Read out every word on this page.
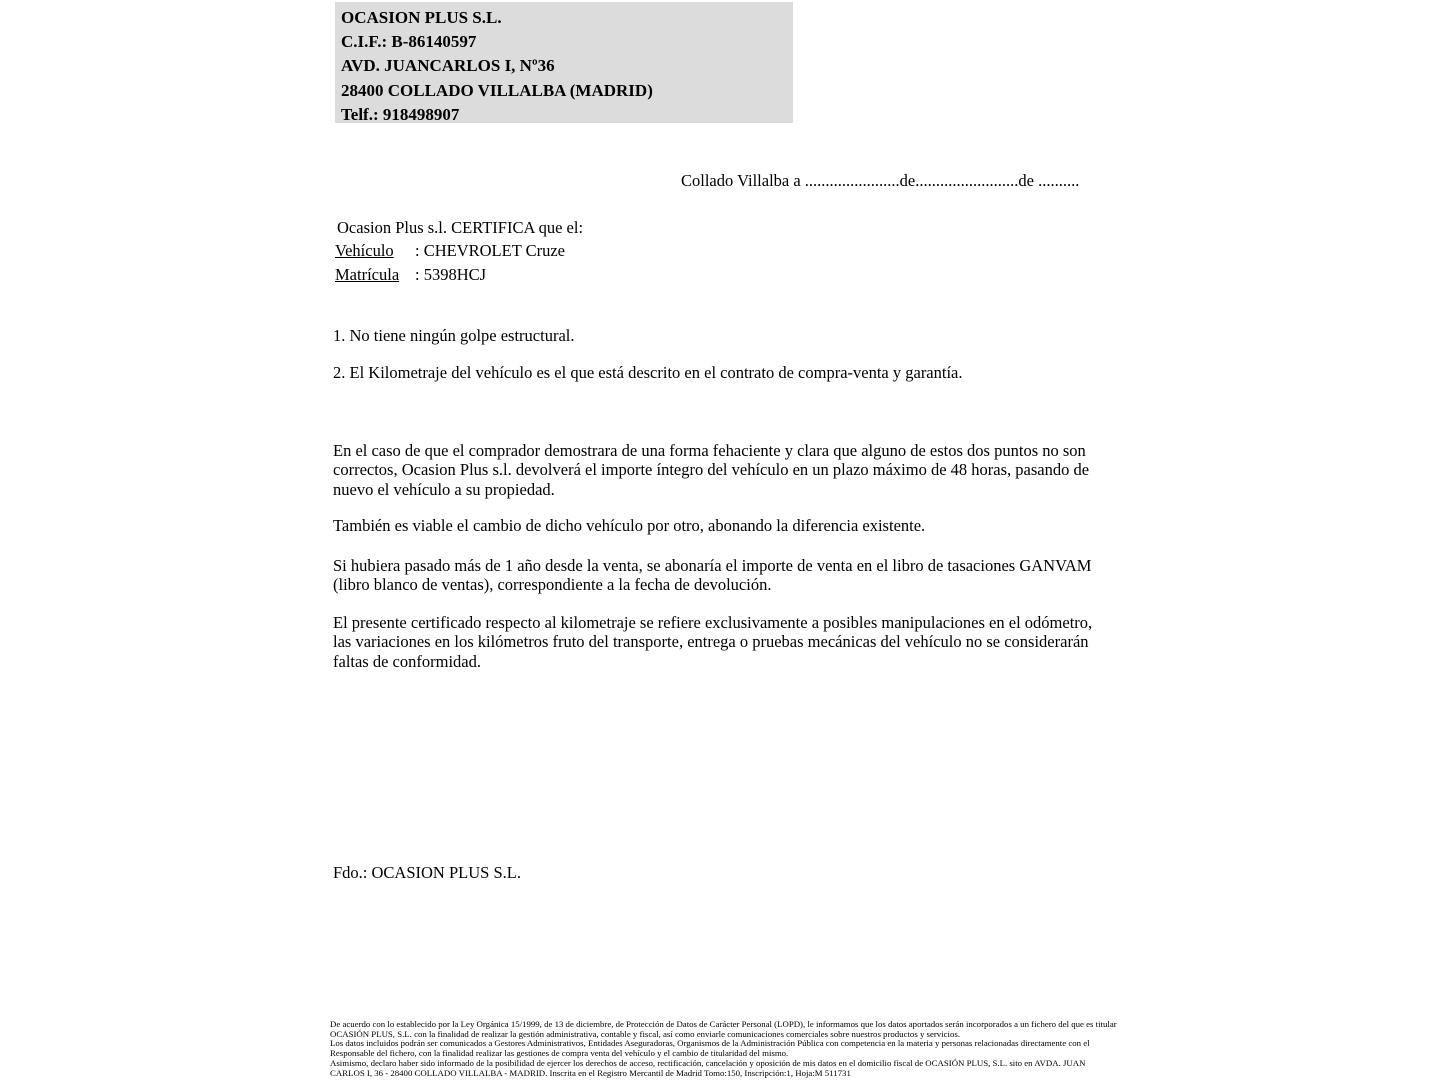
OCASION PLUS S.L.
C.I.F.: B-86140597
AVD. JUANCARLOS I, Nº36
28400 COLLADO VILLALBA (MADRID)
Telf.: 918498907
Collado Villalba a .......................de.........................de ..........
Ocasion Plus s.l. CERTIFICA que el:
Vehículo : CHEVROLET Cruze
Matrícula : 5398HCJ
1. No tiene ningún golpe estructural.
2. El Kilometraje del vehículo es el que está descrito en el contrato de compra-venta y garantía.
En el caso de que el comprador demostrara de una forma fehaciente y clara que alguno de estos dos puntos no son correctos, Ocasion Plus s.l. devolverá el importe íntegro del vehículo en un plazo máximo de 48 horas, pasando de nuevo el vehículo a su propiedad.
También es viable el cambio de dicho vehículo por otro, abonando la diferencia existente.
Si hubiera pasado más de 1 año desde la venta, se abonaría el importe de venta en el libro de tasaciones GANVAM (libro blanco de ventas), correspondiente a la fecha de devolución.
El presente certificado respecto al kilometraje se refiere exclusivamente a posibles manipulaciones en el odómetro, las variaciones en los kilómetros fruto del transporte, entrega o pruebas mecánicas del vehículo no se considerarán faltas de conformidad.
Fdo.: OCASION PLUS S.L.
De acuerdo con lo establecido por la Ley Orgánica 15/1999, de 13 de diciembre, de Protección de Datos de Carácter Personal (LOPD), le informamos que los datos aportados serán incorporados a un fichero del que es titular
OCASIÓN PLUS, S.L. con la finalidad de realizar la gestión administrativa, contable y fiscal, así como enviarle comunicaciones comerciales sobre nuestros productos y servicios.
Los datos incluidos podrán ser comunicados a Gestores Administrativos, Entidades Aseguradoras, Organismos de la Administración Pública con competencia en la materia y personas relacionadas directamente con el
Responsable del fichero, con la finalidad realizar las gestiones de compra venta del vehículo y el cambio de titularidad del mismo.
Asimismo, declaro haber sido informado de la posibilidad de ejercer los derechos de acceso, rectificación, cancelación y oposición de mis datos en el domicilio fiscal de OCASIÓN PLUS, S.L. sito en AVDA. JUAN
CARLOS I, 36 - 28400 COLLADO VILLALBA - MADRID. Inscrita en el Registro Mercantil de Madrid Tomo:150, Inscripción:1, Hoja:M 511731
